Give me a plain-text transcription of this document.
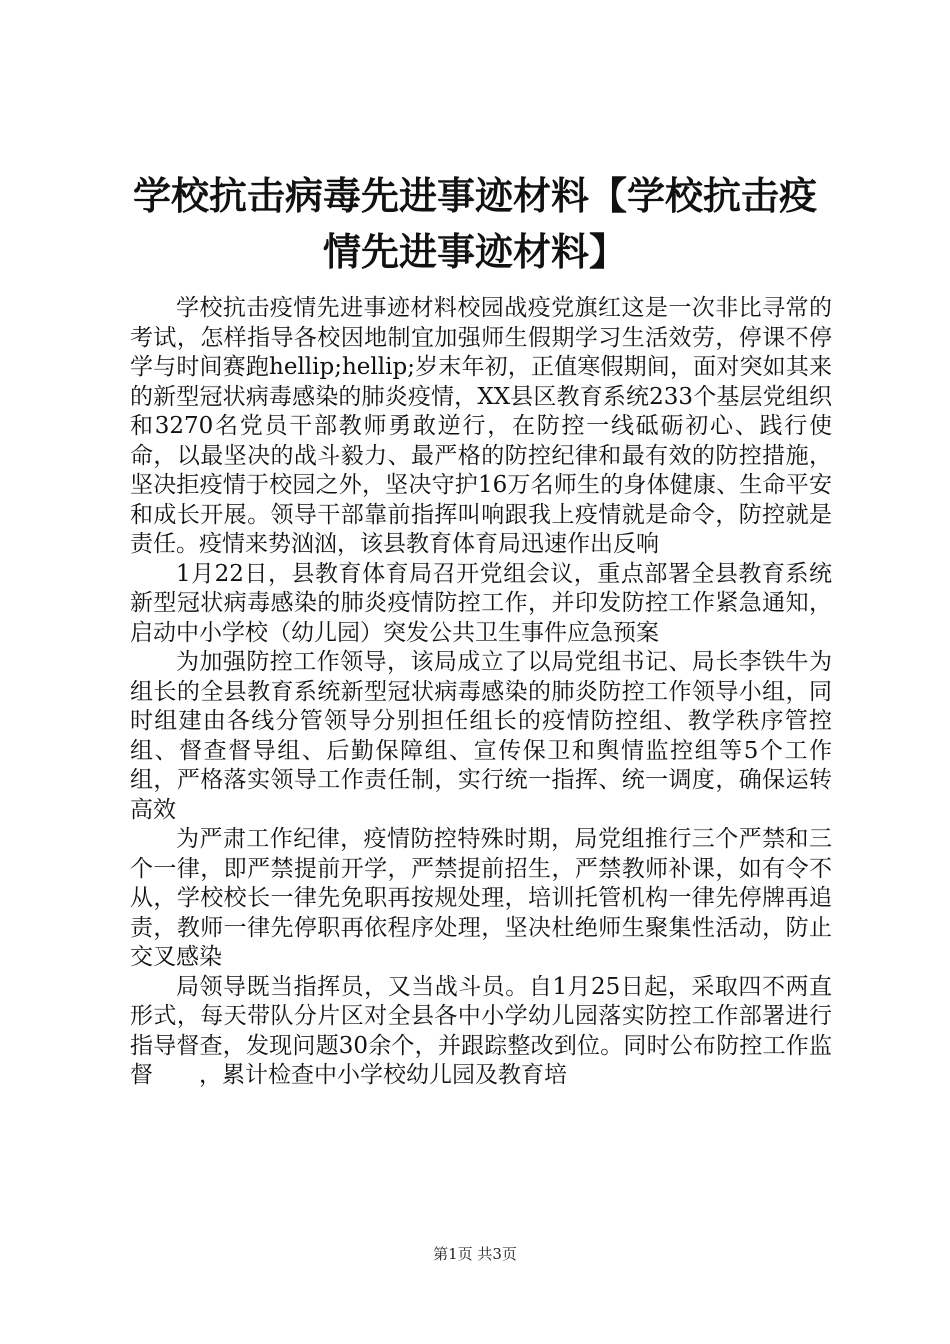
学校抗击病毒先进事迹材料【学校抗击疫情先进事迹材料】

学校抗击疫情先进事迹材料校园战疫党旗红这是一次非比寻常的考试，怎样指导各校因地制宜加强师生假期学习生活效劳，停课不停学与时间赛跑hellip;hellip;岁末年初，正值寒假期间，面对突如其来的新型冠状病毒感染的肺炎疫情，XX县区教育系统233个基层党组织和3270名党员干部教师勇敢逆行，在防控一线砥砺初心、践行使命，以最坚决的战斗毅力、最严格的防控纪律和最有效的防控措施，坚决拒疫情于校园之外，坚决守护16万名师生的身体健康、生命平安和成长开展。领导干部靠前指挥叫响跟我上疫情就是命令，防控就是责任。疫情来势汹汹，该县教育体育局迅速作出反响

1月22日，县教育体育局召开党组会议，重点部署全县教育系统新型冠状病毒感染的肺炎疫情防控工作，并印发防控工作紧急通知，启动中小学校（幼儿园）突发公共卫生事件应急预案

为加强防控工作领导，该局成立了以局党组书记、局长李铁牛为组长的全县教育系统新型冠状病毒感染的肺炎防控工作领导小组，同时组建由各线分管领导分别担任组长的疫情防控组、教学秩序管控组、督查督导组、后勤保障组、宣传保卫和舆情监控组等5个工作组，严格落实领导工作责任制，实行统一指挥、统一调度，确保运转高效

为严肃工作纪律，疫情防控特殊时期，局党组推行三个严禁和三个一律，即严禁提前开学，严禁提前招生，严禁教师补课，如有令不从，学校校长一律先免职再按规处理，培训托管机构一律先停牌再追责，教师一律先停职再依程序处理，坚决杜绝师生聚集性活动，防止交叉感染

局领导既当指挥员，又当战斗员。自1月25日起，采取四不两直形式，每天带队分片区对全县各中小学幼儿园落实防控工作部署进行指导督查，发现问题30余个，并跟踪整改到位。同时公布防控工作监督　　，累计检查中小学校幼儿园及教育培

第1页 共3页
